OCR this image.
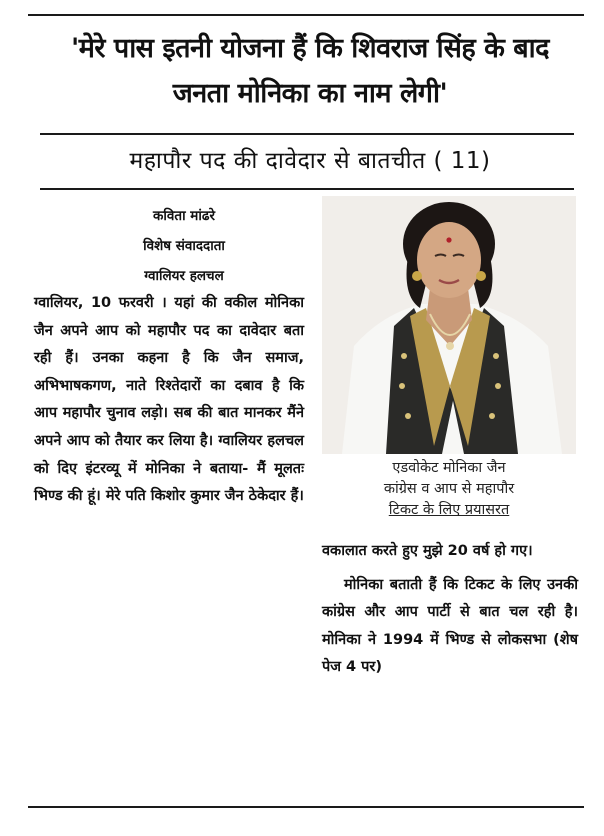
'मेरे पास इतनी योजना हैं कि शिवराज सिंह के बाद जनता मोनिका का नाम लेगी'
महापौर पद की दावेदार से बातचीत ( 11)
कविता मांढरे
विशेष संवाददाता
ग्वालियर हलचल

ग्वालियर, 10 फरवरी । यहां की वकील मोनिका जैन अपने आप को महापौर पद का दावेदार बता रही हैं। उनका कहना है कि जैन समाज, अभिभाषकगण, नाते रिश्तेदारों का दबाव है कि आप महापौर चुनाव लड़ो। सब की बात मानकर मैंने अपने आप को तैयार कर लिया है। ग्वालियर हलचल को दिए इंटरव्यू में मोनिका ने बताया- मैं मूलतः भिण्ड की हूं। मेरे पति किशोर कुमार जैन ठेकेदार हैं।

एडवोकेट मोनिका जैन
कांग्रेस व आप से महापौर
टिकट के लिए प्रयासरत

वकालात करते हुए मुझे 20 वर्ष हो गए।

मोनिका बताती हैं कि टिकट के लिए उनकी कांग्रेस और आप पार्टी से बात चल रही है। मोनिका ने 1994 में भिण्ड से लोकसभा (शेष पेज 4 पर)
